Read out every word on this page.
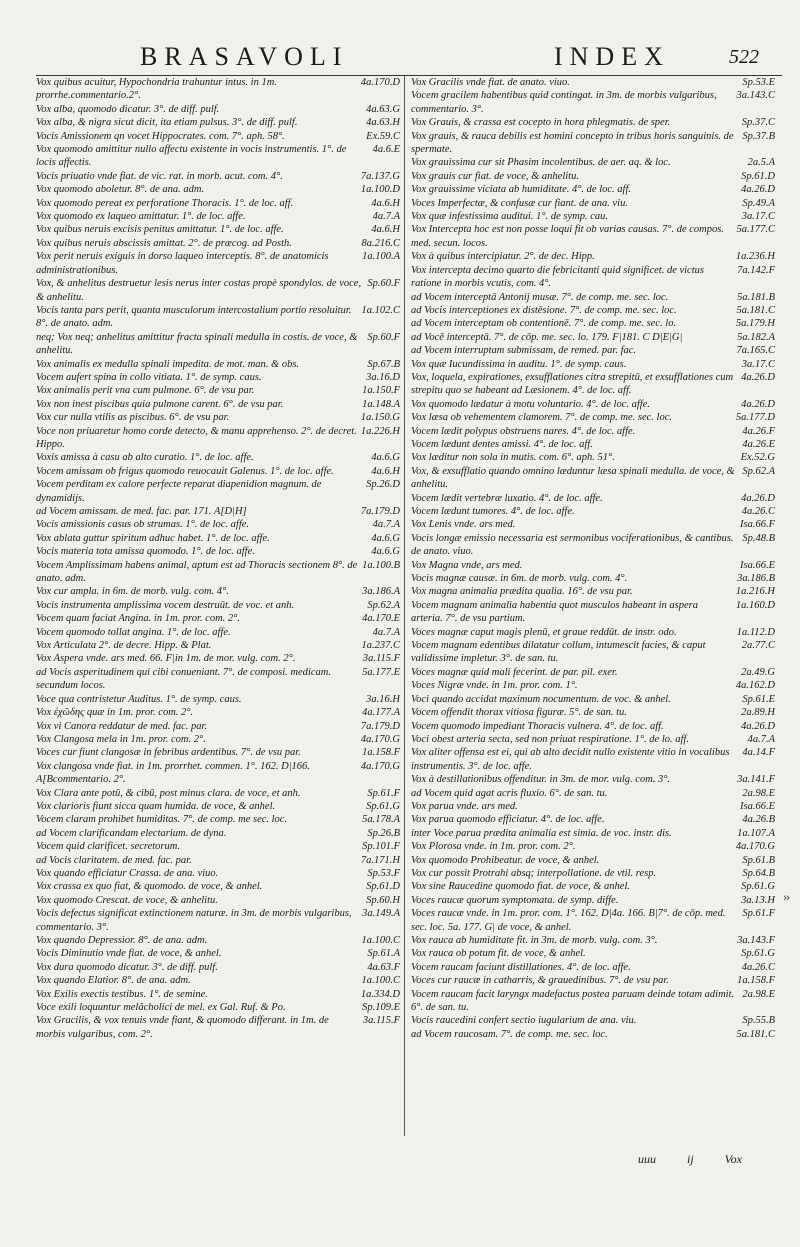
BRASAVOLI	INDEX	522
4a.170.D
Vox quibus acuitur, Hypochondria trahuntur intus. in 1m. prorrhe.commentario.2°.
4a.63.G
Vox alba, quomodo dicatur. 3°. de diff. pulf.
4a.63.H
Vox alba, & nigra sicut dicit, ita etiam pulsus. 3°. de diff. pulf.
Ex.59.C
Vocis Amissionem qn vocet Hippocrates. com. 7°. aph. 58°.
4a.6.E
Vox quomodo amittitur nullo affectu existente in vocis instrumentis. 1°. de locis affectis.
7a.137.G
Vocis priuatio vnde fiat. de vic. rat. in morb. acut. com. 4°.
1a.100.D
Vox quomodo aboletur. 8°. de ana. adm.
4a.6.H
Vox quomodo pereat ex perforatione Thoracis. 1°. de loc. aff.
4a.7.A
Vox quomodo ex laqueo amittatur. 1°. de loc. affe.
4a.6.H
Vox quibus neruis excisis penitus amittatur. 1°. de loc. affe.
8a.216.C
Vox quibus neruis abscissis amittat. 2°. de præcog. ad Posth.
1a.100.A
Vox perit neruis exiguis in dorso laqueo interceptis. 8°. de anatomicis administrationibus.
Sp.60.F
Vox, & anhelitus destruetur lesis nerus inter costas propè spondylos. de voce, & anhelitu.
1a.102.C
Vocis tanta pars perit, quanta musculorum intercostalium portio resoluitur. 8°. de anato. adm.
Sp.60.F
neq; Vox neq; anhelitus amittitur fracta spinali medulla in costis. de voce, & anhelitu.
Sp.67.B
Vox animalis ex medulla spinali impedita. de mot. man. & obs.
3a.16.D
Vocem aufert spina in collo vitiata. 1°. de symp. caus.
1a.150.F
Vox animalis perit vna cum pulmone. 6°. de vsu par.
1a.148.A
Vox non inest piscibus quia pulmone carent. 6°. de vsu par.
1a.150.G
Vox cur nulla vtilis as piscibus. 6°. de vsu par.
1a.226.H
Voce non priuaretur homo corde detecto, & manu apprehenso. 2°. de decret. Hippo.
4a.6.G
Voxis amissa à casu ab alto curatio. 1°. de loc. affe.
4a.6.H
Vocem amissam ob frigus quomodo reuocauit Galenus. 1°. de loc. affe.
Sp.26.D
Vocem perditam ex calore perfecte reparat diapenidion magnum. de dynamidijs.
7a.179.D
ad Vocem amissam. de med. fac. par. 171. A[D|H]
4a.7.A
Vocis amissionis casus ob strumas. 1°. de loc. affe.
4a.6.G
Vox ablata guttur spiritum adhuc habet. 1°. de loc. affe.
4a.6.G
Vocis materia tota amissa quomodo. 1°. de loc. affe.
1a.100.B
Vocem Amplissimam habens animal, aptum est ad Thoracis sectionem 8°. de anato. adm.
3a.186.A
Vox cur ampla. in 6m. de morb. vulg. com. 4°.
Sp.62.A
Vocis instrumenta amplissima vocem destruūt. de voc. et anh.
4a.170.E
Vocem quam faciat Angina. in 1m. pror. com. 2°.
4a.7.A
Vocem quomodo tollat angina. 1°. de loc. affe.
1a.237.C
Vox Articulata 2°. de decre. Hipp. & Plat.
3a.115.F
Vox Aspera vnde. ars med. 66. F|in 1m. de mor. vulg. com. 2°.
5a.177.E
ad Vocis asperitudinem qui cibi conueniant. 7°. de composi. medicam. secundum locos.
3a.16.H
Voce qua contristetur Auditus. 1°. de symp. caus.
4a.177.A
Vox ἐχῶδης quæ in 1m. pror. com. 2°.
7a.179.D
Vox vi Canora reddatur de med. fac. par.
4a.170.G
Vox Clangosa mela in 1m. pror. com. 2°.
1a.158.F
Voces cur fiunt clangosæ in febribus ardentibus. 7°. de vsu par.
4a.170.G
Vox clangosa vnde fiat. in 1m. prorrhet. commen. 1°. 162. D|166. A[Bcommentario. 2°.
Sp.61.F
Vox Clara ante potū, & cibū, post minus clara. de voce, et anh.
Sp.61.G
Vox clarioris fiunt sicca quam humida. de voce, & anhel.
5a.178.A
Vocem claram prohibet humiditas. 7°. de comp. me sec. loc.
Sp.26.B
ad Vocem clarificandam electarium. de dyna.
Sp.101.F
Vocem quid clarificet. secretorum.
7a.171.H
ad Vocis claritatem. de med. fac. par.
Sp.53.F
Vox quando efficiatur Crassa. de ana. viuo.
Sp.61.D
Vox crassa ex quo fiat, & quomodo. de voce, & anhel.
Sp.60.H
Vox quomodo Crescat. de voce, & anhelitu.
3a.149.A
Vocis defectus significat extinctionem naturæ. in 3m. de morbis vulgaribus, commentario. 3°.
1a.100.C
Vox quando Depressior. 8°. de ana. adm.
Sp.61.A
Vocis Diminutio vnde fiat. de voce, & anhel.
4a.63.F
Vox dura quomodo dicatur. 3°. de diff. pulf.
1a.100.C
Vox quando Elatior. 8°. de ana. adm.
1a.334.D
Vox Exilis exectis testibus. 1°. de semine.
Sp.109.E
Voce exili loquuntur melăcholici de mel. ex Gal. Ruf. & Po.
3a.115.F
Vox Gracilis, & vox tenuis vnde fiant, & quomodo differant. in 1m. de morbis vulgaribus, com. 2°.
Sp.53.E
Vox Gracilis vnde fiat. de anato. viuo.
3a.143.C
Vocem gracilem habentibus quid contingat. in 3m. de morbis vulgaribus, commentario. 3°.
Sp.37.C
Vox Grauis, & crassa est cocepto in hora phlegmatis. de sper.
Sp.37.B
Vox grauis, & rauca debilis est homini concepto in tribus horis sanguinis. de spermate.
2a.5.A
Vox grauissima cur sit Phasim incolentibus. de aer. aq. & loc.
Sp.61.D
Vox grauis cur fiat. de voce, & anhelitu.
4a.26.D
Vox grauissime viciata ab humiditate. 4°. de loc. aff.
Sp.49.A
Voces Imperfectæ, & confusæ cur fiant. de ana. viu.
3a.17.C
Vox quæ infestissima auditui. 1°. de symp. cau.
5a.177.C
Vox Intercepta hoc est non posse loqui fit ob varias causas. 7°. de compos. med. secun. locos.
1a.236.H
Vox à quibus intercipiatur. 2°. de dec. Hipp.
7a.142.F
Vox intercepta decimo quarto die febricitanti quid significet. de victus ratione in morbis vcutis, com. 4°.
5a.181.B
ad Vocem interceptā Antonij musæ. 7°. de comp. me. sec. loc.
5a.181.C
ad Vocis interceptiones ex distēsione. 7°. de comp. me. sec. loc.
5a.179.H
ad Vocem interceptam ob contentionē. 7°. de comp. me. sec. lo.
5a.182.A
ad Vocē interceptā. 7°. de cōp. me. sec. lo. 179. F|181. C D|E|G|
7a.165.C
ad Vocem interruptam submissam, de remed. par. fac.
3a.17.C
Vox quæ Iucundissima in auditu. 1°. de symp. caus.
4a.26.D
Vox, loquela, expirationes, exsufflationes citra strepitū, et exsufflationes cum strepitu quo se habeant ad Læsionem. 4°. de loc. aff.
4a.26.D
Vox quomodo lædatur à motu voluntario. 4°. de loc. affe.
5a.177.D
Vox læsa ob vehementem clamorem. 7°. de comp. me. sec. loc.
4a.26.F
Vocem lædit polypus obstruens nares. 4°. de loc. affe.
4a.26.E
Vocem lædunt dentes amissi. 4°. de loc. aff.
Ex.52.G
Vox læditur non sola in mutis. com. 6°. aph. 51°.
Sp.62.A
Vox, & exsufflatio quando omnino læduntur læsa spinali medulla. de voce, & anhelitu.
4a.26.D
Vocem lædit vertebræ luxatio. 4°. de loc. affe.
4a.26.C
Vocem lædunt tumores. 4°. de loc. affe.
Isa.66.F
Vox Lenis vnde. ars med.
Sp.48.B
Vocis longæ emissio necessaria est sermonibus vociferationibus, & cantibus. de anato. viuo.
Isa.66.E
Vox Magna vnde, ars med.
3a.186.B
Vocis magnæ causæ. in 6m. de morb. vulg. com. 4°.
1a.216.H
Vox magna animalia prædita qualia. 16°. de vsu par.
1a.160.D
Vocem magnam animalia habentia quot musculos habeant in aspera arteria. 7°. de vsu partium.
1a.112.D
Voces magnæ caput magis plenū, et graue reddūt. de instr. odo.
2a.77.C
Vocem magnam edentibus dilatatur collum, intumescit facies, & caput validissime impletur. 3°. de san. tu.
2a.49.G
Voces magnæ quid mali fecerint. de par. pil. exer.
4a.162.D
Voces Nigræ vnde. in 1m. pror. com. 1°.
Sp.61.E
Voci quando accidat maximum nocumentum. de voc. & anhel.
2a.89.H
Vocem offendit thorax vitiosa figuræ. 5°. de san. tu.
4a.26.D
Vocem quomodo impediant Thoracis vulnera. 4°. de loc. aff.
4a.7.A
Voci obest arteria secta, sed non priuat respiratione. 1°. de lo. aff.
4a.14.F
Vox aliter offensa est ei, qui ab alto decidit nullo existente vitio in vocalibus instrumentis. 3°. de loc. affe.
3a.141.F
Vox à destillationibus offenditur. in 3m. de mor. vulg. com. 3°.
2a.98.E
ad Vocem quid agat acris fluxio. 6°. de san. tu.
Isa.66.E
Vox parua vnde. ars med.
4a.26.B
Vox parua quomodo efficiatur. 4°. de loc. affe.
1a.107.A
inter Voce parua prædita animalia est simia. de voc. instr. dis.
4a.170.G
Vox Plorosa vnde. in 1m. pror. com. 2°.
Sp.61.B
Vox quomodo Prohibeatur. de voce, & anhel.
Sp.64.B
Vox cur possit Protrahi absq; interpollatione. de vtil. resp.
Sp.61.G
Vox sine Raucedine quomodo fiat. de voce, & anhel.
3a.13.H
Voces raucæ quorum symptomata. de symp. diffe.
Sp.61.F
Voces raucæ vnde. in 1m. pror. com. 1°. 162. D|4a. 166. B|7°. de cōp. med. sec. loc. 5a. 177. G| de voce, & anhel.
3a.143.F
Vox rauca ab humiditate fit. in 3m. de morb. vulg. com. 3°.
Sp.61.G
Vox rauca ob potum fit. de voce, & anhel.
4a.26.C
Vocem raucam faciunt distillationes. 4°. de loc. affe.
1a.158.F
Voces cur raucæ in catharris, & grauedinibus. 7°. de vsu par.
2a.98.E
Vocem raucam facit laryngx madefactus postea paruam deinde totam adimit. 6°. de san. tu.
Sp.55.B
Vocis raucedini confert sectio iugularium de ana. viu.
5a.181.C
ad Vocem raucosam. 7°. de comp. me. sec. loc.
uuu ij	Vox
»
